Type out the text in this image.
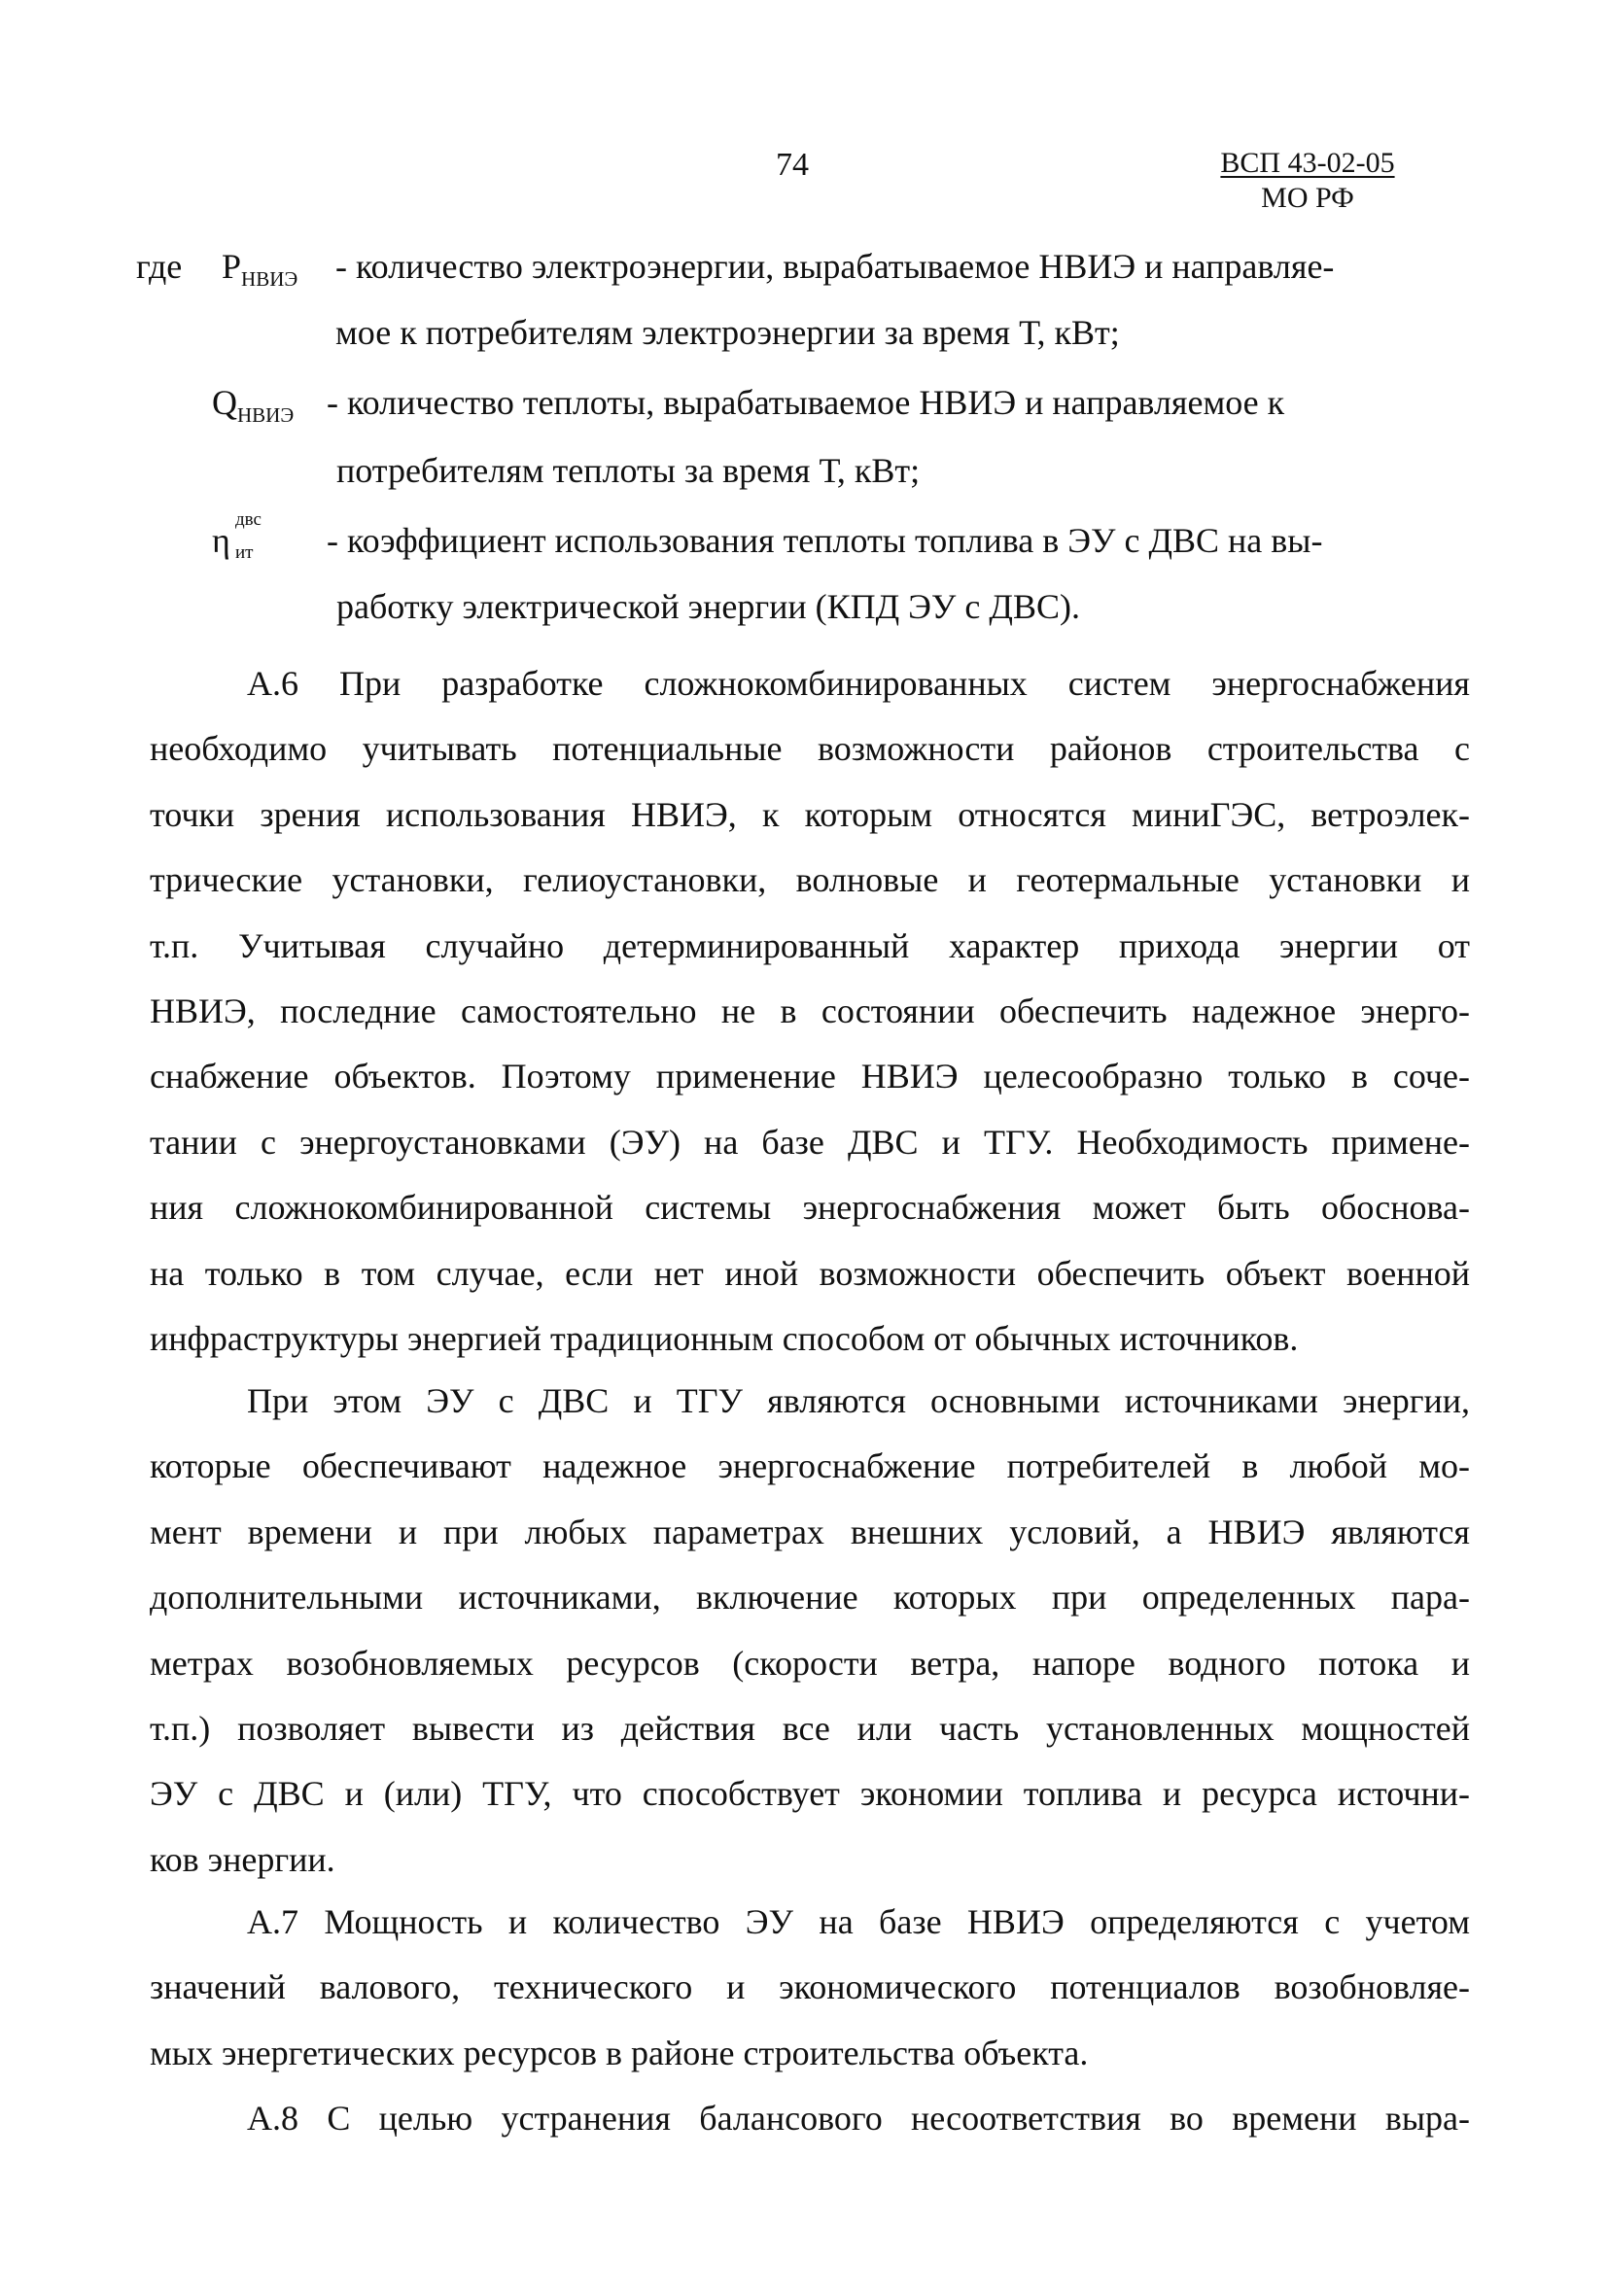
74	ВСП 43-02-05
МО РФ
где $P_{НВИЭ}$ - количество электроэнергии, вырабатываемое НВИЭ и направляе-
мое к потребителям электроэнергии за время Т, кВт;
$Q_{НВИЭ}$ - количество теплоты, вырабатываемое НВИЭ и направляемое к
потребителям теплоты за время Т, кВт;
η
двс
ит - коэффициент использования теплоты топлива в ЭУ с ДВС на вы-
работку электрической энергии (КПД ЭУ с ДВС).
А.6 При разработке сложнокомбинированных систем энергоснабжения
необходимо учитывать потенциальные возможности районов строительства с
точки зрения использования НВИЭ, к которым относятся миниГЭС, ветроэлек-
трические установки, гелиоустановки, волновые и геотермальные установки и
т.п. Учитывая случайно детерминированный характер прихода энергии от
НВИЭ, последние самостоятельно не в состоянии обеспечить надежное энерго-
снабжение объектов. Поэтому применение НВИЭ целесообразно только в соче-
тании с энергоустановками (ЭУ) на базе ДВС и ТГУ. Необходимость примене-
ния сложнокомбинированной системы энергоснабжения может быть обоснова-
на только в том случае, если нет иной возможности обеспечить объект военной
инфраструктуры энергией традиционным способом от обычных источников.
При этом ЭУ с ДВС и ТГУ являются основными источниками энергии,
которые обеспечивают надежное энергоснабжение потребителей в любой мо-
мент времени и при любых параметрах внешних условий, а НВИЭ являются
дополнительными источниками, включение которых при определенных пара-
метрах возобновляемых ресурсов (скорости ветра, напоре водного потока и
т.п.) позволяет вывести из действия все или часть установленных мощностей
ЭУ с ДВС и (или) ТГУ, что способствует экономии топлива и ресурса источни-
ков энергии.
А.7 Мощность и количество ЭУ на базе НВИЭ определяются с учетом
значений валового, технического и экономического потенциалов возобновляе-
мых энергетических ресурсов в районе строительства объекта.
А.8 С целью устранения балансового несоответствия во времени выра-
